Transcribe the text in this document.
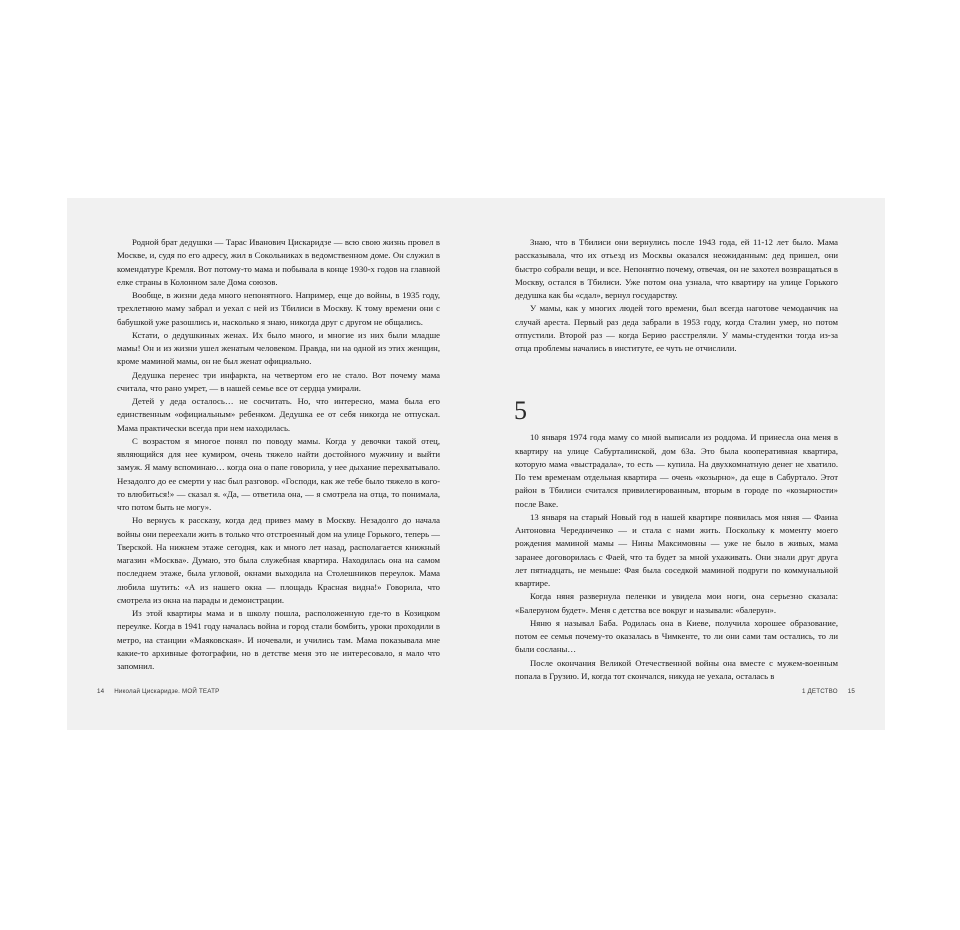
Родной брат дедушки — Тарас Иванович Цискаридзе — всю свою жизнь провел в Москве, и, судя по его адресу, жил в Сокольниках в ведомственном доме. Он служил в комендатуре Кремля. Вот потому-то мама и побывала в конце 1930-х годов на главной елке страны в Колонном зале Дома союзов.

Вообще, в жизни деда много непонятного. Например, еще до войны, в 1935 году, трехлетнюю маму забрал и уехал с ней из Тбилиси в Москву. К тому времени они с бабушкой уже разошлись и, насколько я знаю, никогда друг с другом не общались.

Кстати, о дедушкиных женах. Их было много, и многие из них были младше мамы! Он и из жизни ушел женатым человеком. Правда, ни на одной из этих женщин, кроме маминой мамы, он не был женат официально.

Дедушка перенес три инфаркта, на четвертом его не стало. Вот почему мама считала, что рано умрет, — в нашей семье все от сердца умирали.

Детей у деда осталось… не сосчитать. Но, что интересно, мама была его единственным «официальным» ребенком. Дедушка ее от себя никогда не отпускал. Мама практически всегда при нем находилась.

С возрастом я многое понял по поводу мамы. Когда у девочки такой отец, являющийся для нее кумиром, очень тяжело найти достойного мужчину и выйти замуж. Я маму вспоминаю… когда она о папе говорила, у нее дыхание перехватывало. Незадолго до ее смерти у нас был разговор. «Господи, как же тебе было тяжело в кого-то влюбиться!» — сказал я. «Да, — ответила она, — я смотрела на отца, то понимала, что потом быть не могу».

Но вернусь к рассказу, когда дед привез маму в Москву. Незадолго до начала войны они переехали жить в только что отстроенный дом на улице Горького, теперь — Тверской. На нижнем этаже сегодня, как и много лет назад, располагается книжный магазин «Москва». Думаю, это была служебная квартира. Находилась она на самом последнем этаже, была угловой, окнами выходила на Столешников переулок. Мама любила шутить: «А из нашего окна — площадь Красная видна!» Говорила, что смотрела из окна на парады и демонстрации.

Из этой квартиры мама и в школу пошла, расположенную где-то в Козицком переулке. Когда в 1941 году началась война и город стали бомбить, уроки проходили в метро, на станции «Маяковская». И ночевали, и учились там. Мама показывала мне какие-то архивные фотографии, но в детстве меня это не интересовало, я мало что запомнил.

14 Николай Цискаридзе. МОЙ ТЕАТР

Знаю, что в Тбилиси они вернулись после 1943 года, ей 11-12 лет было. Мама рассказывала, что их отъезд из Москвы оказался неожиданным: дед пришел, они быстро собрали вещи, и все. Непонятно почему, отвечая, он не захотел возвращаться в Москву, остался в Тбилиси. Уже потом она узнала, что квартиру на улице Горького дедушка как бы «сдал», вернул государству.

У мамы, как у многих людей того времени, был всегда наготове чемоданчик на случай ареста. Первый раз деда забрали в 1953 году, когда Сталин умер, но потом отпустили. Второй раз — когда Берию расстреляли. У мамы-студентки тогда из-за отца проблемы начались в институте, ее чуть не отчислили.

5

10 января 1974 года маму со мной выписали из роддома. И принесла она меня в квартиру на улице Сабурталинской, дом 63а. Это была кооперативная квартира, которую мама «выстрадала», то есть — купила. На двухкомнатную денег не хватило. По тем временам отдельная квартира — очень «козырно», да еще в Сабуртало. Этот район в Тбилиси считался привилегированным, вторым в городе по «козырности» после Ваке.

13 января на старый Новый год в нашей квартире появилась моя няня — Фаина Антоновна Чередниченко — и стала с нами жить. Поскольку к моменту моего рождения маминой мамы — Нины Максимовны — уже не было в живых, мама заранее договорилась с Фаей, что та будет за мной ухаживать. Они знали друг друга лет пятнадцать, не меньше: Фая была соседкой маминой подруги по коммунальной квартире.

Когда няня развернула пеленки и увидела мои ноги, она серьезно сказала: «Балеруном будет». Меня с детства все вокруг и называли: «балерун».

Няню я называл Баба. Родилась она в Киеве, получила хорошее образование, потом ее семья почему-то оказалась в Чимкенте, то ли они сами там остались, то ли были сосланы…

После окончания Великой Отечественной войны она вместе с мужем-военным попала в Грузию. И, когда тот скончался, никуда не уехала, осталась в

1 ДЕТСТВО 15
